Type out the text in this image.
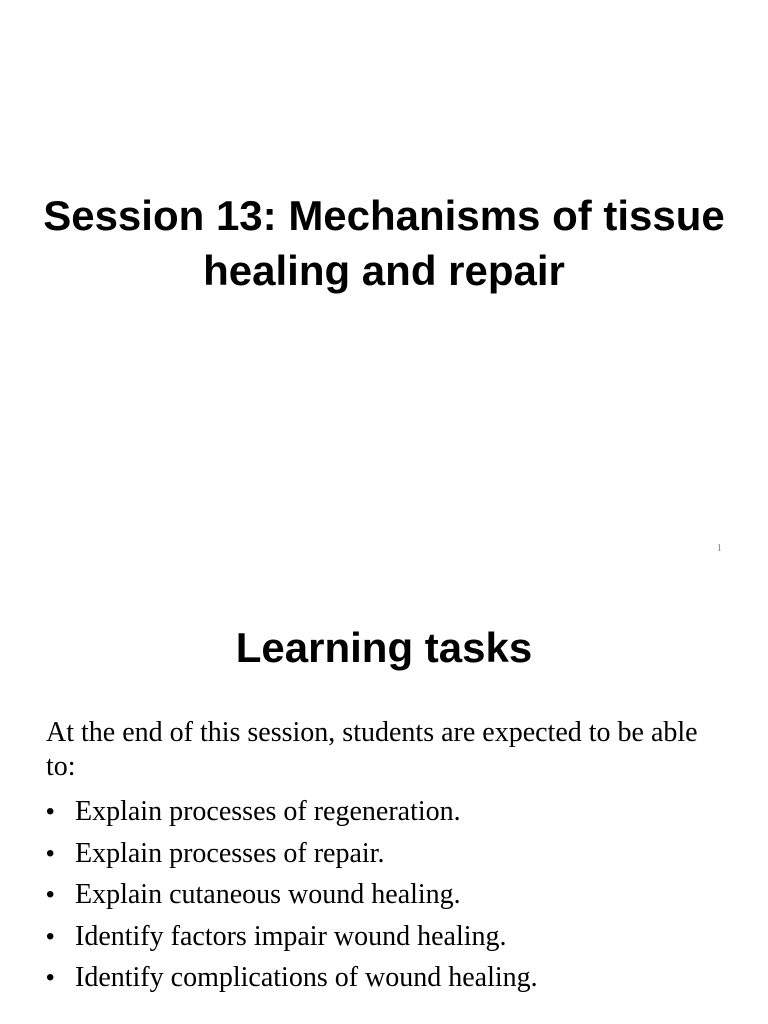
Session 13: Mechanisms of tissue healing and repair
1
Learning tasks

At the end of this session, students are expected to be able to:

• Explain processes of regeneration.
• Explain processes of repair.
• Explain cutaneous wound healing.
• Identify factors impair wound healing.
• Identify complications of wound healing.
